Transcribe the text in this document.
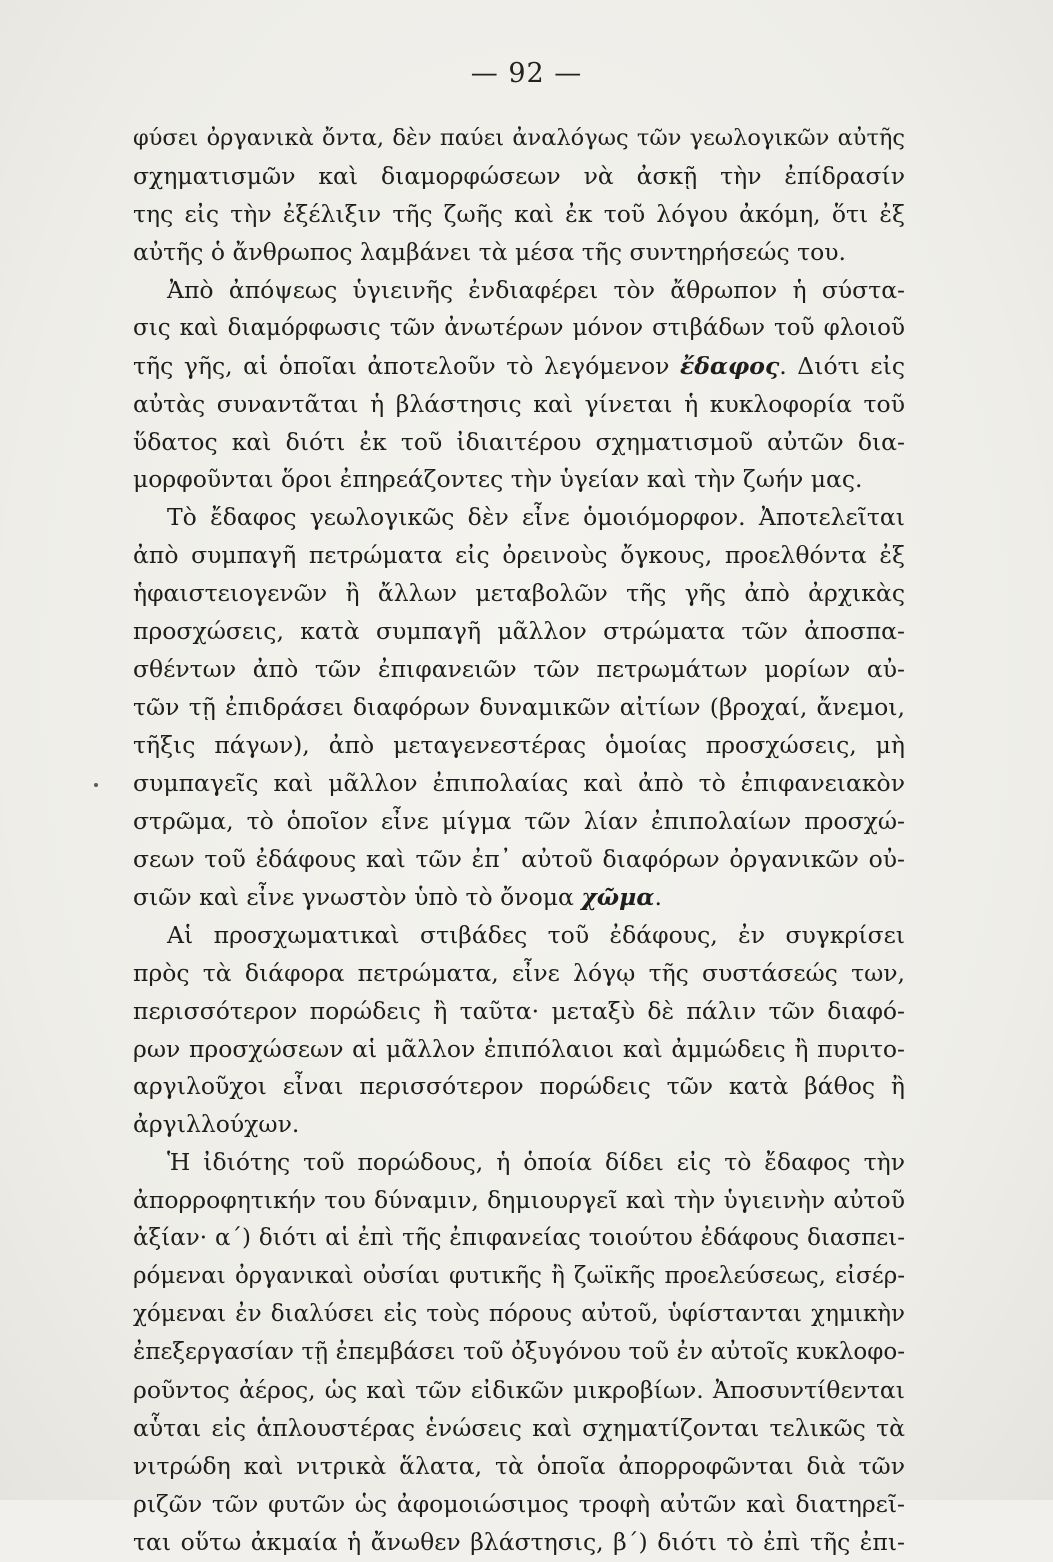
— 92 —
φύσει ὀργανικὰ ὄντα, δὲν παύει ἀναλόγως τῶν γεωλογικῶν αὐτῆς
σχηματισμῶν καὶ διαμορφώσεων νὰ ἀσκῇ τὴν ἐπίδρασίν
της εἰς τὴν ἐξέλιξιν τῆς ζωῆς καὶ ἐκ τοῦ λόγου ἀκόμη, ὅτι ἐξ
αὐτῆς ὁ ἄνθρωπος λαμβάνει τὰ μέσα τῆς συντηρήσεώς του.
Ἀπὸ ἀπόψεως ὑγιεινῆς ἐνδιαφέρει τὸν ἄθρωπον ἡ σύστα-
σις καὶ διαμόρφωσις τῶν ἀνωτέρων μόνον στιβάδων τοῦ φλοιοῦ
τῆς γῆς, αἱ ὁποῖαι ἀποτελοῦν τὸ λεγόμενον ἔδαφος. Διότι εἰς
αὐτὰς συναντᾶται ἡ βλάστησις καὶ γίνεται ἡ κυκλοφορία τοῦ
ὕδατος καὶ διότι ἐκ τοῦ ἰδιαιτέρου σχηματισμοῦ αὐτῶν δια-
μορφοῦνται ὅροι ἐπηρεάζοντες τὴν ὑγείαν καὶ τὴν ζωήν μας.
Τὸ ἔδαφος γεωλογικῶς δὲν εἶνε ὁμοιόμορφον. Ἀποτελεῖται
ἀπὸ συμπαγῆ πετρώματα εἰς ὀρεινοὺς ὄγκους, προελθόντα ἐξ
ἡφαιστειογενῶν ἢ ἄλλων μεταβολῶν τῆς γῆς ἀπὸ ἀρχικὰς
προσχώσεις, κατὰ συμπαγῆ μᾶλλον στρώματα τῶν ἀποσπα-
σθέντων ἀπὸ τῶν ἐπιφανειῶν τῶν πετρωμάτων μορίων αὐ-
τῶν τῇ ἐπιδράσει διαφόρων δυναμικῶν αἰτίων (βροχαί, ἄνεμοι,
τῆξις πάγων), ἀπὸ μεταγενεστέρας ὁμοίας προσχώσεις, μὴ
συμπαγεῖς καὶ μᾶλλον ἐπιπολαίας καὶ ἀπὸ τὸ ἐπιφανειακὸν
στρῶμα, τὸ ὁποῖον εἶνε μίγμα τῶν λίαν ἐπιπολαίων προσχώ-
σεων τοῦ ἐδάφους καὶ τῶν ἐπ᾽ αὐτοῦ διαφόρων ὀργανικῶν οὐ-
σιῶν καὶ εἶνε γνωστὸν ὑπὸ τὸ ὄνομα χῶμα.
Αἱ προσχωματικαὶ στιβάδες τοῦ ἐδάφους, ἐν συγκρίσει
πρὸς τὰ διάφορα πετρώματα, εἶνε λόγῳ τῆς συστάσεώς των,
περισσότερον πορώδεις ἢ ταῦτα· μεταξὺ δὲ πάλιν τῶν διαφό-
ρων προσχώσεων αἱ μᾶλλον ἐπιπόλαιοι καὶ ἀμμώδεις ἢ πυριτο-
αργιλοῦχοι εἶναι περισσότερον πορώδεις τῶν κατὰ βάθος ἢ
ἀργιλλούχων.
Ἡ ἰδιότης τοῦ πορώδους, ἡ ὁποία δίδει εἰς τὸ ἔδαφος τὴν
ἀπορροφητικήν του δύναμιν, δημιουργεῖ καὶ τὴν ὑγιεινὴν αὐτοῦ
ἀξίαν· α΄) διότι αἱ ἐπὶ τῆς ἐπιφανείας τοιούτου ἐδάφους διασπει-
ρόμεναι ὀργανικαὶ οὐσίαι φυτικῆς ἢ ζωϊκῆς προελεύσεως, εἰσέρ-
χόμεναι ἐν διαλύσει εἰς τοὺς πόρους αὐτοῦ, ὑφίστανται χημικὴν
ἐπεξεργασίαν τῇ ἐπεμβάσει τοῦ ὀξυγόνου τοῦ ἐν αὐτοῖς κυκλοφο-
ροῦντος ἀέρος, ὡς καὶ τῶν εἰδικῶν μικροβίων. Ἀποσυντίθενται
αὗται εἰς ἁπλουστέρας ἑνώσεις καὶ σχηματίζονται τελικῶς τὰ
νιτρώδη καὶ νιτρικὰ ἅλατα, τὰ ὁποῖα ἀπορροφῶνται διὰ τῶν
ριζῶν τῶν φυτῶν ὡς ἀφομοιώσιμος τροφὴ αὐτῶν καὶ διατηρεῖ-
ται οὕτω ἀκμαία ἡ ἄνωθεν βλάστησις, β΄) διότι τὸ ἐπὶ τῆς ἐπι-
